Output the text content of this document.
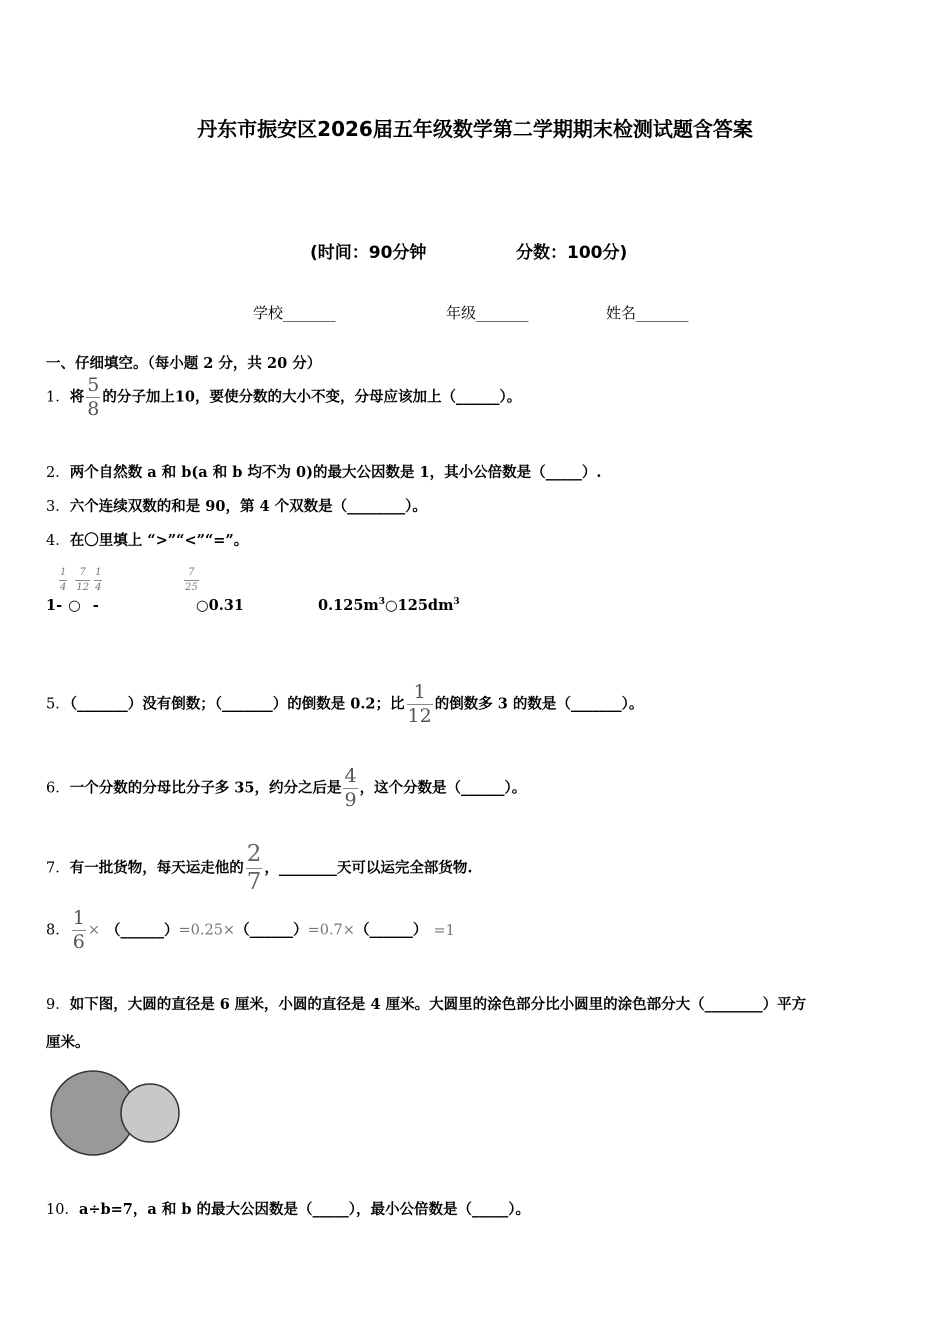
丹东市振安区2026届五年级数学第二学期期末检测试题含答案
(时间：90分钟	分数：100分)
学校_______	年级_______	姓名_______
一、仔细填空。（每小题 2 分，共 20 分）
1．将 $\frac{5}{8}$ 的分子加上10，要使分数的大小不变，分母应该加上（______）。
2．两个自然数 a 和 b(a 和 b 均不为 0)的最大公因数是 1，其小公倍数是（_____）.
3．六个连续双数的和是 90，第 4 个双数是（________）。
4．在〇里填上 “>”“<”“=”。
$\frac{1}{4} \frac{7}{12} \frac{1}{4}$	$\frac{7}{25}$
1- ○ -	○0.31	$0.125m^3○125dm^3$
5．（_______）没有倒数；（_______）的倒数是 0.2；比 $\frac{1}{12}$ 的倒数多 3 的数是（_______）。
6．一个分数的分母比分子多 35，约分之后是 $\frac{4}{9}$ ，这个分数是（______）。
7．有一批货物，每天运走他的 $\frac{2}{7}$ ，________天可以运完全部货物.
8． $\frac{1}{6}$ × （______）=0.25×（______）=0.7×（______） =1
9．如下图，大圆的直径是 6 厘米，小圆的直径是 4 厘米。大圆里的涂色部分比小圆里的涂色部分大（________）平方
厘米。
10．a÷b=7，a 和 b 的最大公因数是（_____），最小公倍数是（_____）。
